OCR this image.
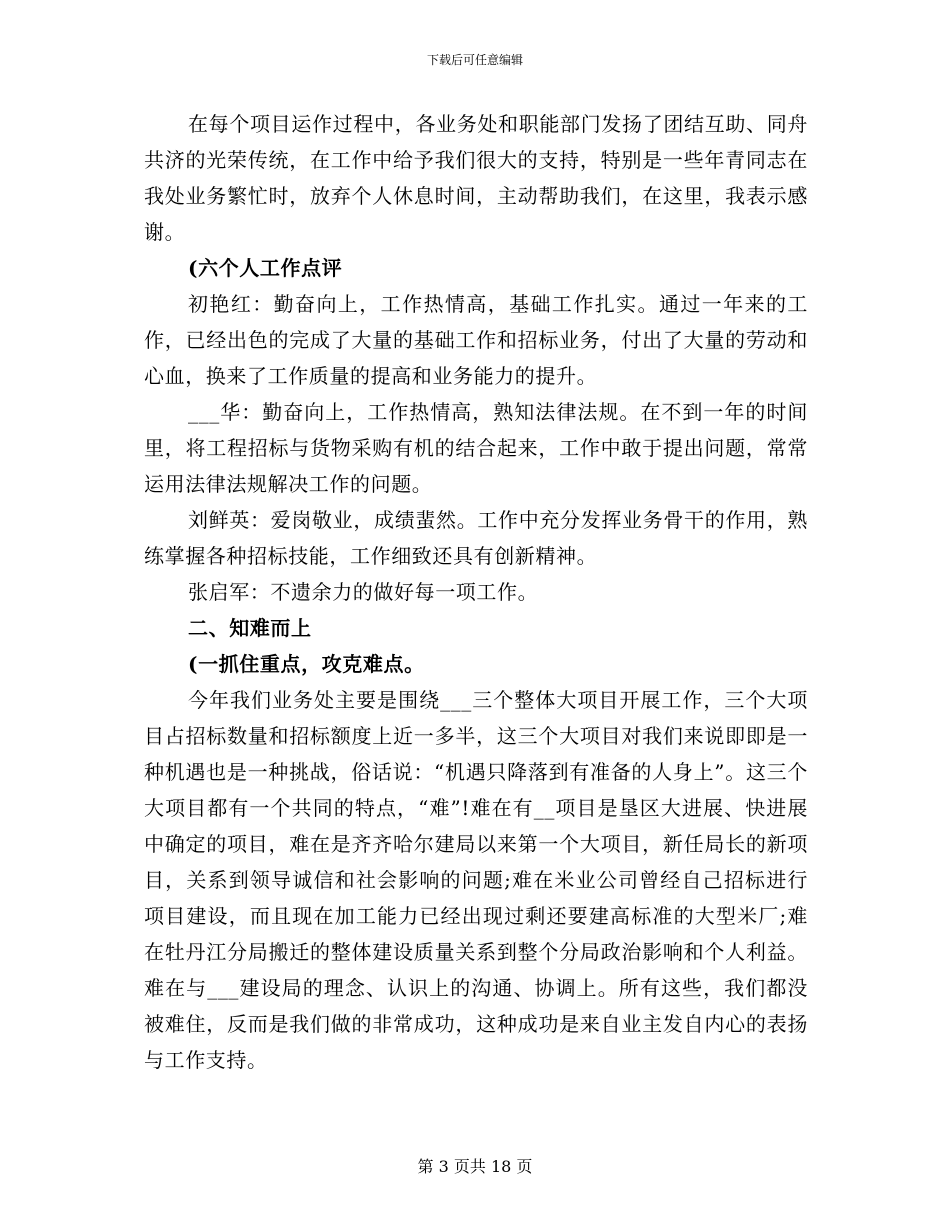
下载后可任意编辑

在每个项目运作过程中，各业务处和职能部门发扬了团结互助、同舟共济的光荣传统，在工作中给予我们很大的支持，特别是一些年青同志在我处业务繁忙时，放弃个人休息时间，主动帮助我们，在这里，我表示感谢。

(六个人工作点评

初艳红：勤奋向上，工作热情高，基础工作扎实。通过一年来的工作，已经出色的完成了大量的基础工作和招标业务，付出了大量的劳动和心血，换来了工作质量的提高和业务能力的提升。

___华：勤奋向上，工作热情高，熟知法律法规。在不到一年的时间里，将工程招标与货物采购有机的结合起来，工作中敢于提出问题，常常运用法律法规解决工作的问题。

刘鲜英：爱岗敬业，成绩蜚然。工作中充分发挥业务骨干的作用，熟练掌握各种招标技能，工作细致还具有创新精神。

张启军：不遗余力的做好每一项工作。

二、知难而上

(一抓住重点，攻克难点。

今年我们业务处主要是围绕___三个整体大项目开展工作，三个大项目占招标数量和招标额度上近一多半，这三个大项目对我们来说即即是一种机遇也是一种挑战，俗话说：“机遇只降落到有准备的人身上”。这三个大项目都有一个共同的特点，“难”!难在有__项目是垦区大进展、快进展中确定的项目，难在是齐齐哈尔建局以来第一个大项目，新任局长的新项目，关系到领导诚信和社会影响的问题;难在米业公司曾经自己招标进行项目建设，而且现在加工能力已经出现过剩还要建高标准的大型米厂;难在牡丹江分局搬迁的整体建设质量关系到整个分局政治影响和个人利益。难在与___建设局的理念、认识上的沟通、协调上。所有这些，我们都没被难住，反而是我们做的非常成功，这种成功是来自业主发自内心的表扬与工作支持。

第 3 页共 18 页
